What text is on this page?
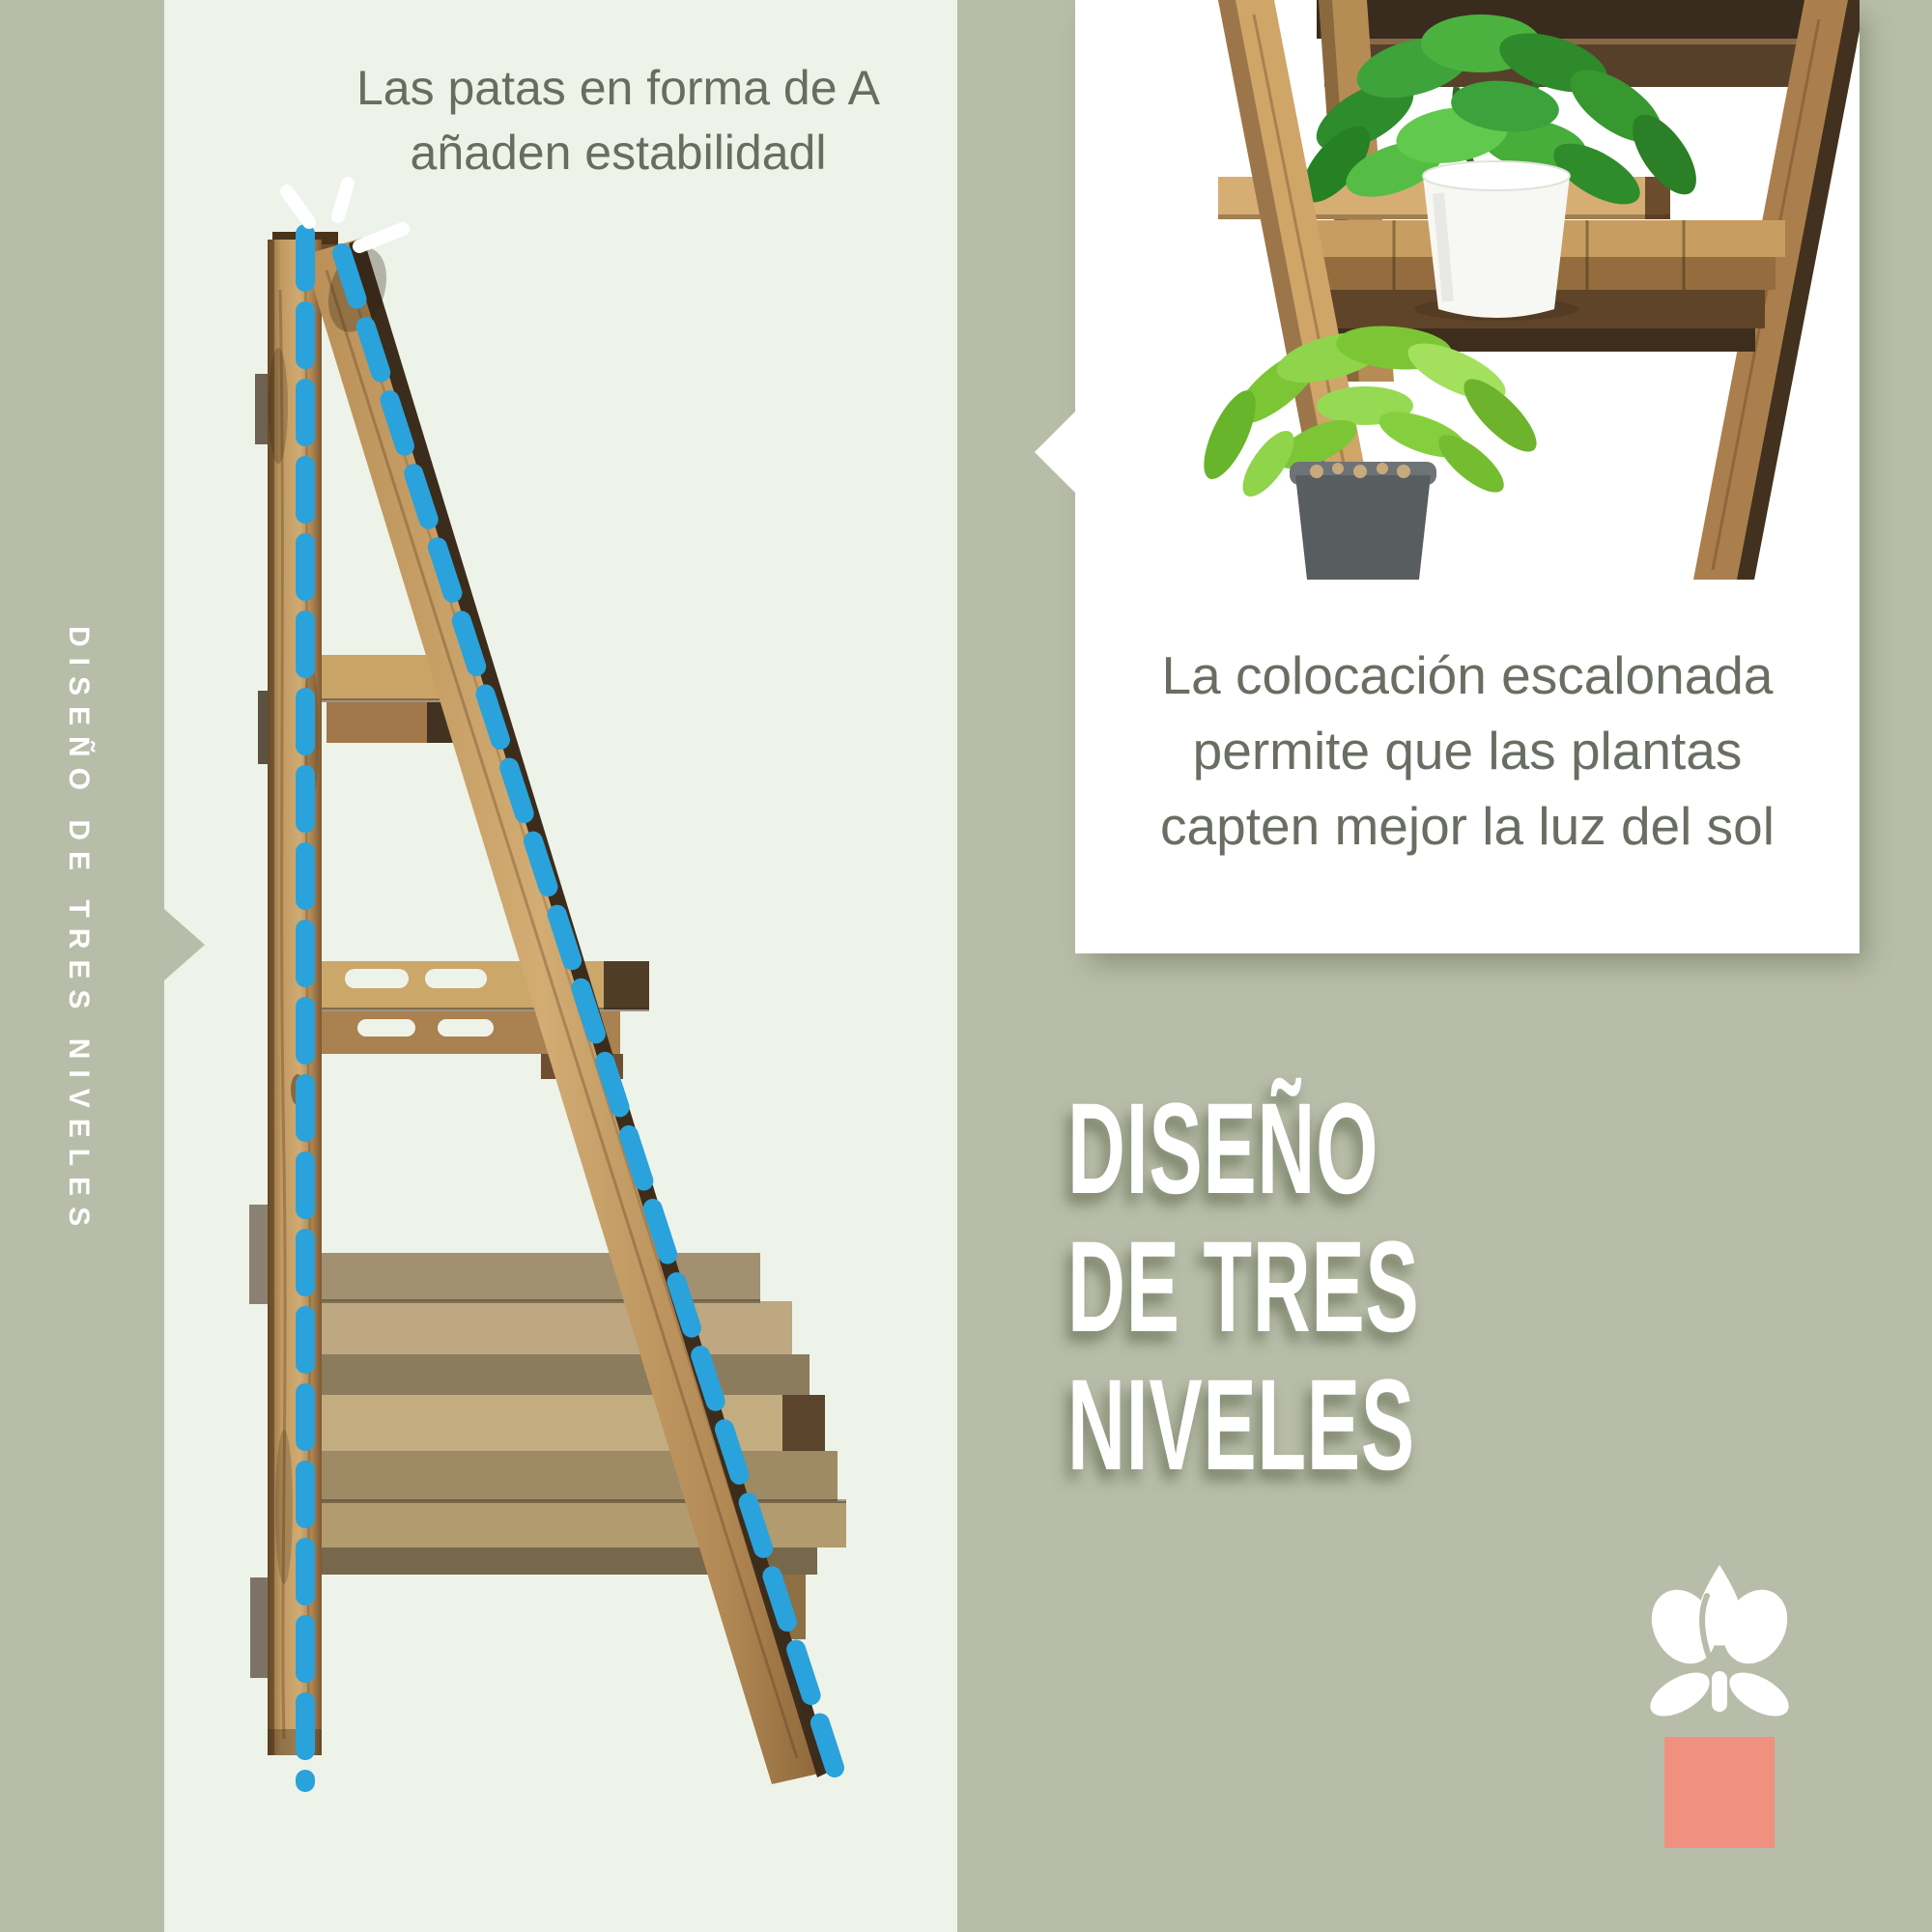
DISEÑO DE TRES NIVELES
Las patas en forma de A
añaden estabilidadl
La colocación escalonada
permite que las plantas
capten mejor la luz del sol
DISEÑO
DE TRES
NIVELES
